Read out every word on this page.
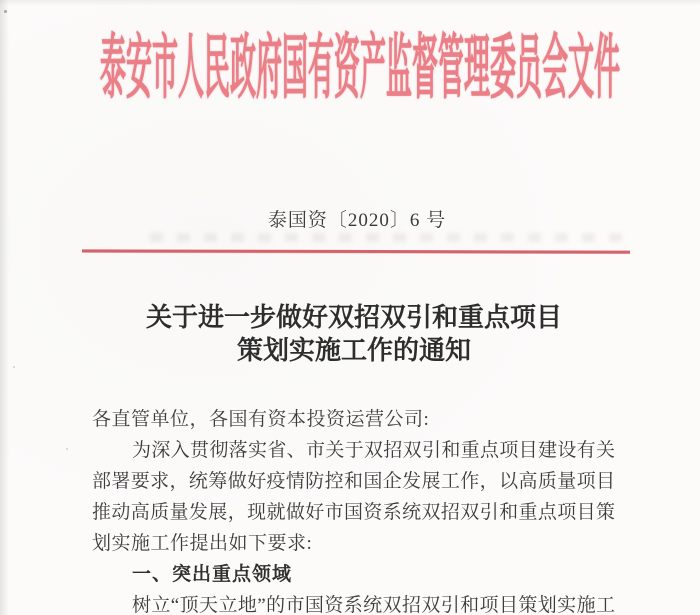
泰安市人民政府国有资产监督管理委员会文件
泰国资〔2020〕6 号
关于进一步做好双招双引和重点项目
策划实施工作的通知
各直管单位，各国有资本投资运营公司:
为深入贯彻落实省、市关于双招双引和重点项目建设有关
部署要求，统筹做好疫情防控和国企发展工作，以高质量项目
推动高质量发展，现就做好市国资系统双招双引和重点项目策
划实施工作提出如下要求:
一、突出重点领域
树立“顶天立地”的市国资系统双招双引和项目策划实施工
